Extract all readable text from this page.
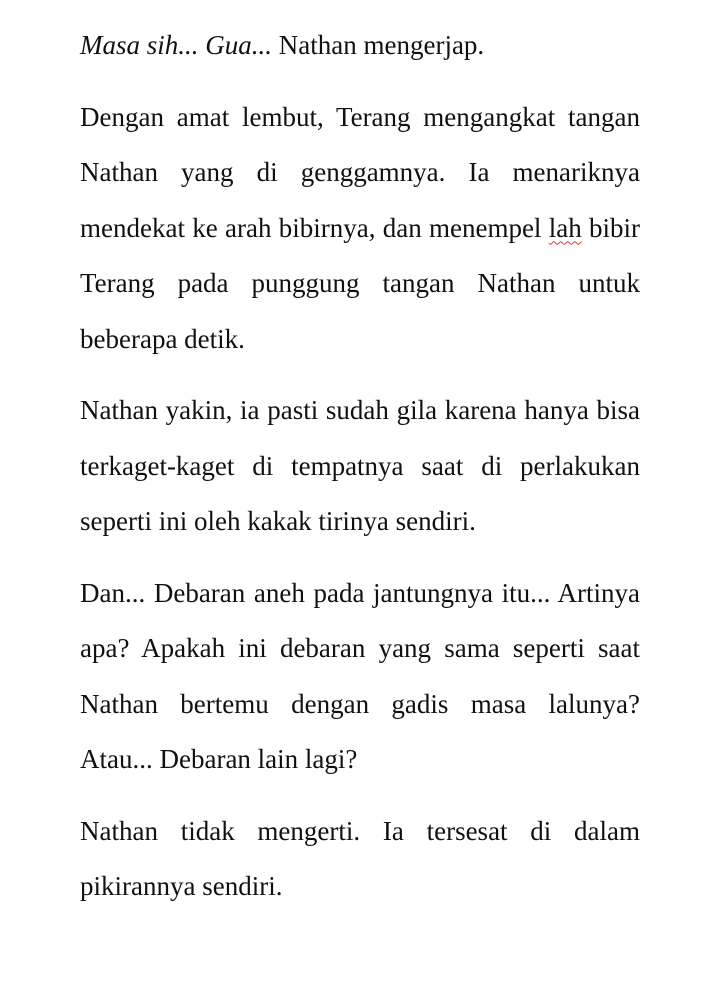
Masa sih... Gua... Nathan mengerjap.

Dengan amat lembut, Terang mengangkat tangan Nathan yang di genggamnya. Ia menariknya mendekat ke arah bibirnya, dan menempel lah bibir Terang pada punggung tangan Nathan untuk beberapa detik.

Nathan yakin, ia pasti sudah gila karena hanya bisa terkaget-kaget di tempatnya saat di perlakukan seperti ini oleh kakak tirinya sendiri.

Dan... Debaran aneh pada jantungnya itu... Artinya apa? Apakah ini debaran yang sama seperti saat Nathan bertemu dengan gadis masa lalunya? Atau... Debaran lain lagi?

Nathan tidak mengerti. Ia tersesat di dalam pikirannya sendiri.
